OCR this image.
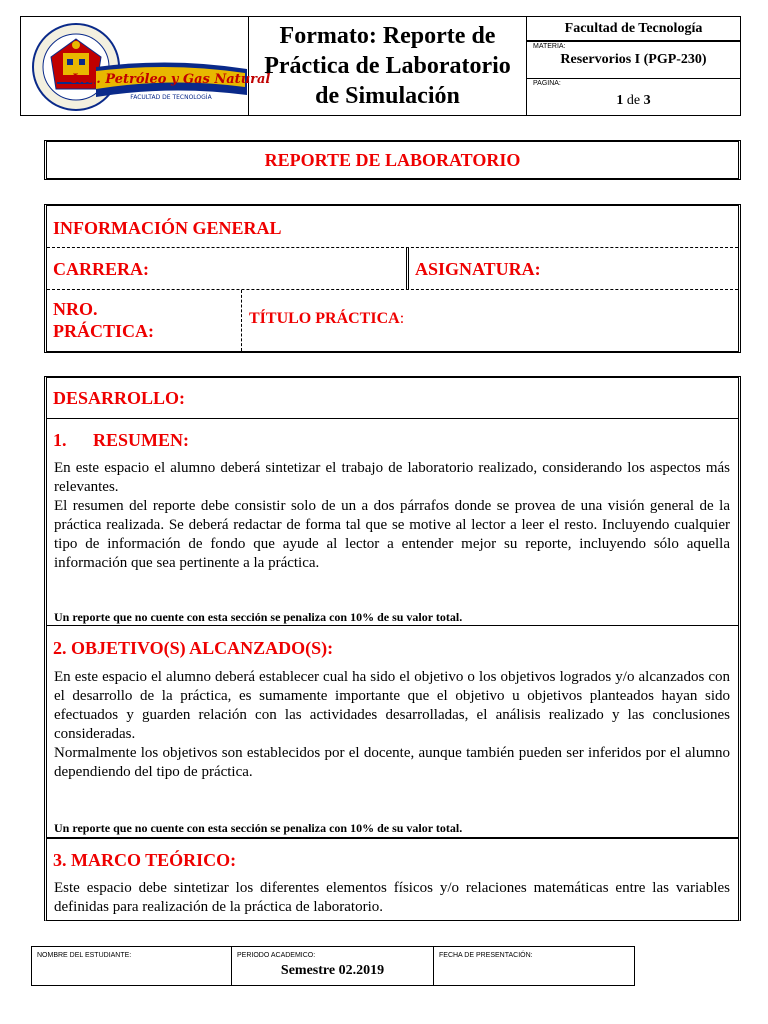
Ing. Petróleo y Gas Natural
FACULTAD DE TECNOLOGÍA
Formato: Reporte de Práctica de Laboratorio de Simulación
Facultad de Tecnología
MATERIA:
Reservorios I (PGP-230)
PAGINA:
1 de 3
REPORTE DE LABORATORIO
INFORMACIÓN GENERAL
CARRERA:	ASIGNATURA:
NRO.
PRÁCTICA:
TÍTULO PRÁCTICA:
DESARROLLO:
1. RESUMEN:

En este espacio el alumno deberá sintetizar el trabajo de laboratorio realizado, considerando los aspectos más relevantes.

El resumen del reporte debe consistir solo de un a dos párrafos donde se provea de una visión general de la práctica realizada. Se deberá redactar de forma tal que se motive al lector a leer el resto. Incluyendo cualquier tipo de información de fondo que ayude al lector a entender mejor su reporte, incluyendo sólo aquella información que sea pertinente a la práctica.

Un reporte que no cuente con esta sección se penaliza con 10% de su valor total.
2. OBJETIVO(S) ALCANZADO(S):

En este espacio el alumno deberá establecer cual ha sido el objetivo o los objetivos logrados y/o alcanzados con el desarrollo de la práctica, es sumamente importante que el objetivo u objetivos planteados hayan sido efectuados y guarden relación con las actividades desarrolladas, el análisis realizado y las conclusiones consideradas.

Normalmente los objetivos son establecidos por el docente, aunque también pueden ser inferidos por el alumno dependiendo del tipo de práctica.

Un reporte que no cuente con esta sección se penaliza con 10% de su valor total.
3. MARCO TEÓRICO:

Este espacio debe sintetizar los diferentes elementos físicos y/o relaciones matemáticas entre las variables definidas para realización de la práctica de laboratorio.

NOMBRE DEL ESTUDIANTE:	PERIODO ACADEMICO:
Semestre 02.2019
FECHA DE PRESENTACIÓN:
